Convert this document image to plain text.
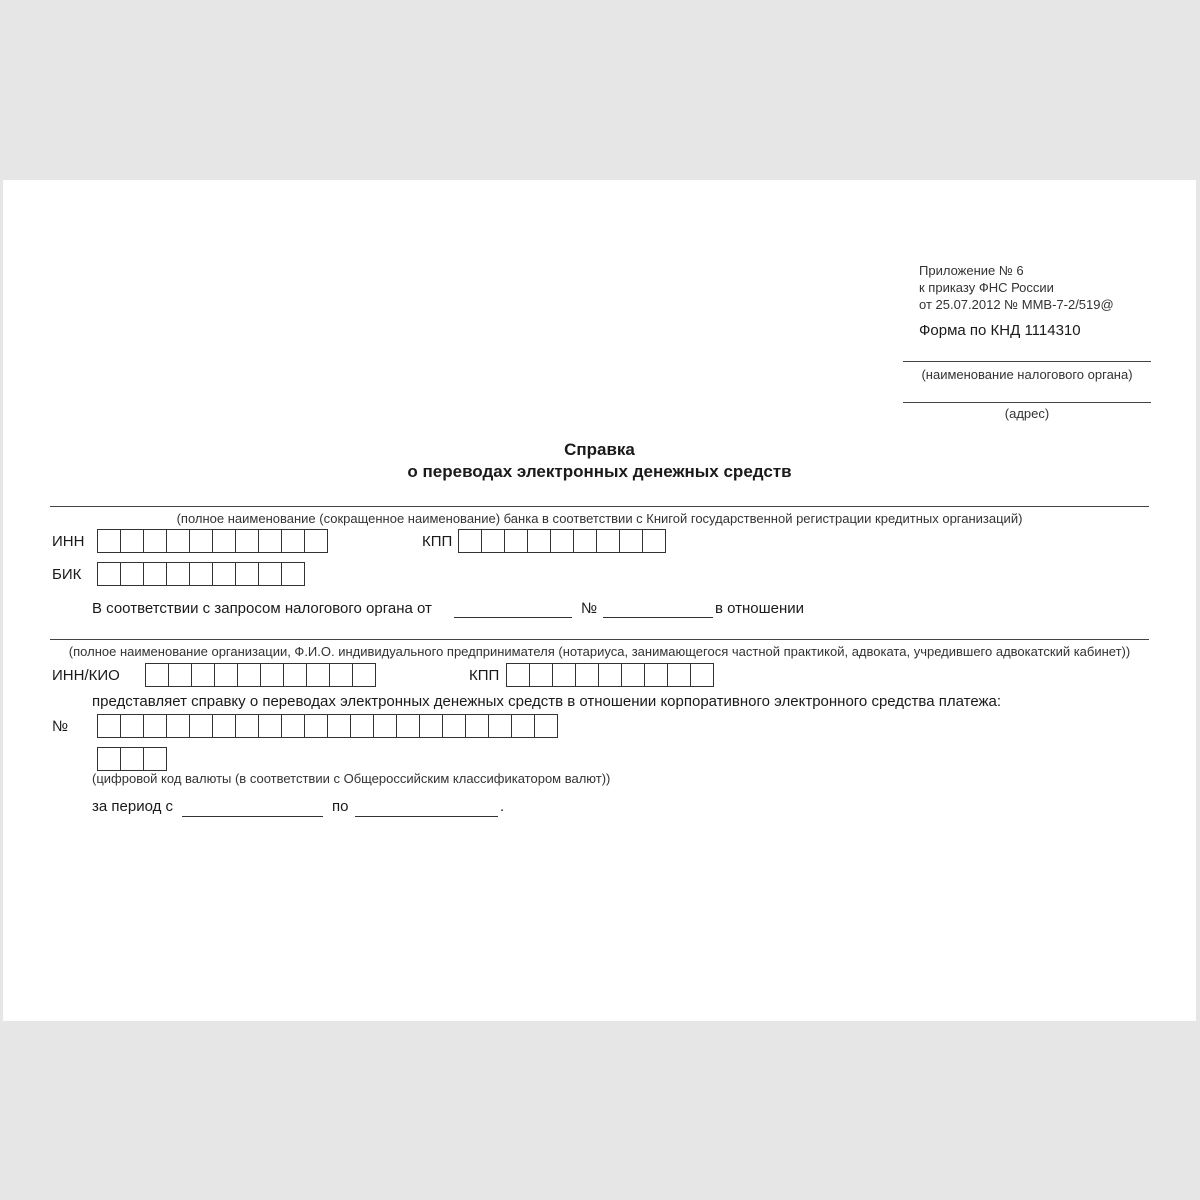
Приложение № 6
к приказу ФНС России
от 25.07.2012 № ММВ-7-2/519@
Форма по КНД 1114310
(наименование налогового органа)
(адрес)
Справка
о переводах электронных денежных средств
(полное наименование (сокращенное наименование) банка в соответствии с Книгой государственной регистрации кредитных организаций)
ИНН	КПП
БИК
В соответствии с запросом налогового органа от	№	в отношении
(полное наименование организации, Ф.И.О. индивидуального предпринимателя (нотариуса, занимающегося частной практикой, адвоката, учредившего адвокатский кабинет))
ИНН/КИО	КПП
представляет справку о переводах электронных денежных средств в отношении корпоративного электронного средства платежа:
№
(цифровой код валюты (в соответствии с Общероссийским классификатором валют))
за период с	по	.
